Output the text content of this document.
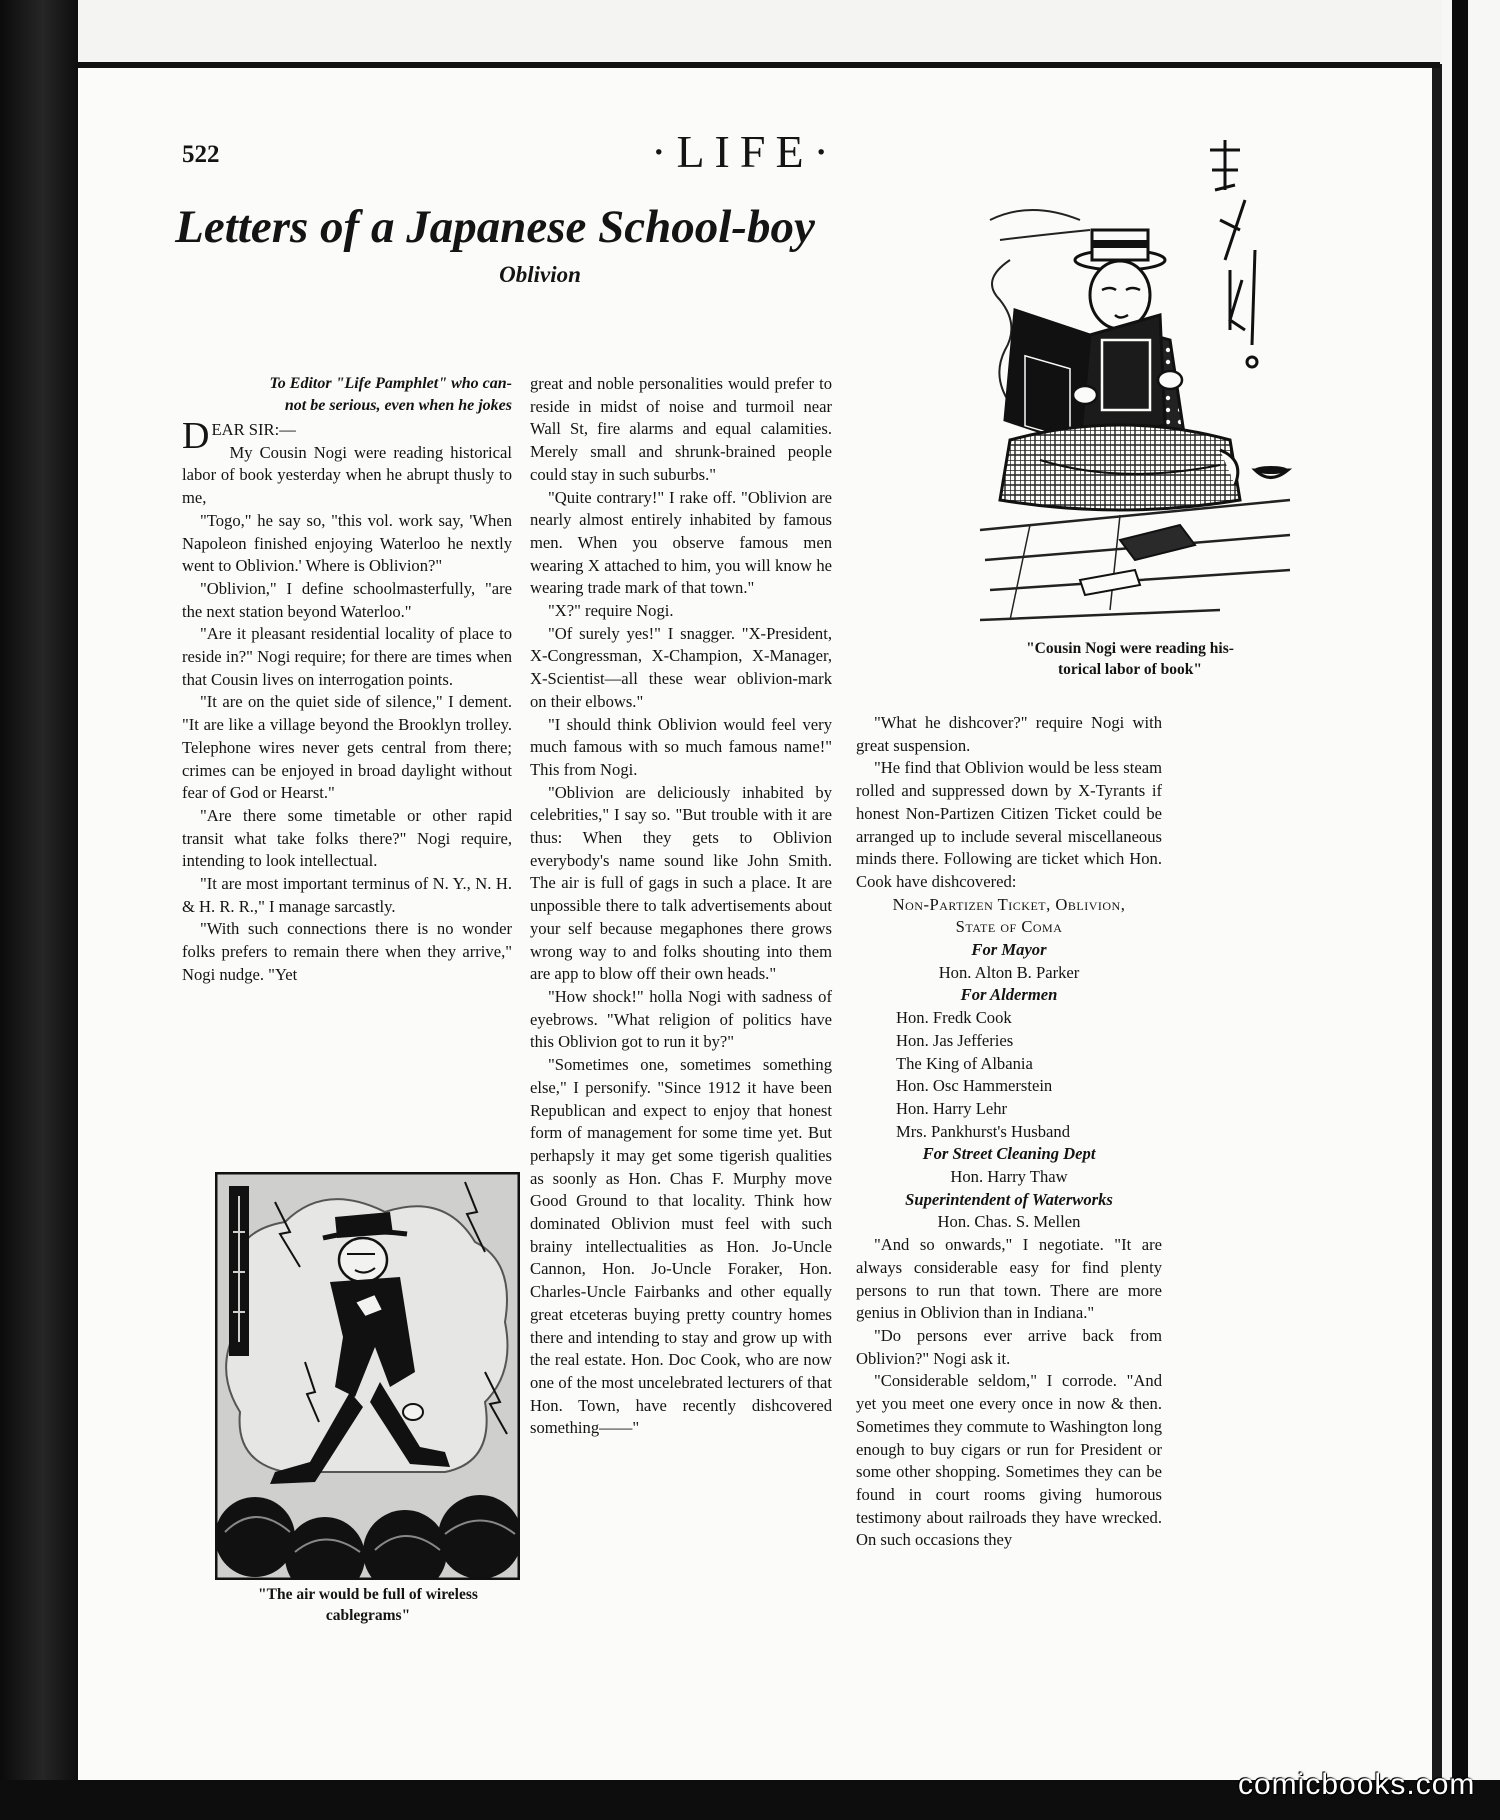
522	·LIFE·
Letters of a Japanese School-boy
Oblivion
To Editor "Life Pamphlet" who can-
not be serious, even when he jokes

DEAR SIR:—

My Cousin Nogi were reading historical labor of book yesterday when he abrupt thusly to me,

"Togo," he say so, "this vol. work say, 'When Napoleon finished enjoying Waterloo he nextly went to Oblivion.' Where is Oblivion?"

"Oblivion," I define schoolmasterfully, "are the next station beyond Waterloo."

"Are it pleasant residential locality of place to reside in?" Nogi require; for there are times when that Cousin lives on interrogation points.

"It are on the quiet side of silence," I dement. "It are like a village beyond the Brooklyn trolley. Telephone wires never gets central from there; crimes can be enjoyed in broad daylight without fear of God or Hearst."

"Are there some timetable or other rapid transit what take folks there?" Nogi require, intending to look intellectual.

"It are most important terminus of N. Y., N. H. & H. R. R.," I manage sarcastly.

"With such connections there is no wonder folks prefers to remain there when they arrive," Nogi nudge. "Yet

great and noble personalities would prefer to reside in midst of noise and turmoil near Wall St, fire alarms and equal calamities. Merely small and shrunk-brained people could stay in such suburbs."

"Quite contrary!" I rake off. "Oblivion are nearly almost entirely inhabited by famous men. When you observe famous men wearing X attached to him, you will know he wearing trade mark of that town."

"X?" require Nogi.

"Of surely yes!" I snagger. "X-President, X-Congressman, X-Champion, X-Manager, X-Scientist—all these wear oblivion-mark on their elbows."

"I should think Oblivion would feel very much famous with so much famous name!" This from Nogi.

"Oblivion are deliciously inhabited by celebrities," I say so. "But trouble with it are thus: When they gets to Oblivion everybody's name sound like John Smith. The air is full of gags in such a place. It are unpossible there to talk advertisements about your self because megaphones there grows wrong way to and folks shouting into them are app to blow off their own heads."

"How shock!" holla Nogi with sadness of eyebrows. "What religion of politics have this Oblivion got to run it by?"

"Sometimes one, sometimes something else," I personify. "Since 1912 it have been Republican and expect to enjoy that honest form of management for some time yet. But perhapsly it may get some tigerish qualities as soonly as Hon. Chas F. Murphy move Good Ground to that locality. Think how dominated Oblivion must feel with such brainy intellectualities as Hon. Jo-Uncle Cannon, Hon. Jo-Uncle Foraker, Hon. Charles-Uncle Fairbanks and other equally great etceteras buying pretty country homes there and intending to stay and grow up with the real estate. Hon. Doc Cook, who are now one of the most uncelebrated lecturers of that Hon. Town, have recently dishcovered something——"

"What he dishcover?" require Nogi with great suspension.

"He find that Oblivion would be less steam rolled and suppressed down by X-Tyrants if honest Non-Partizen Citizen Ticket could be arranged up to include several miscellaneous minds there. Following are ticket which Hon. Cook have dishcovered:

Non-Partizen Ticket, Oblivion,

State of Coma

For Mayor

Hon. Alton B. Parker

For Aldermen

Hon. Fredk Cook

Hon. Jas Jefferies

The King of Albania

Hon. Osc Hammerstein

Hon. Harry Lehr

Mrs. Pankhurst's Husband

For Street Cleaning Dept

Hon. Harry Thaw

Superintendent of Waterworks

Hon. Chas. S. Mellen

"And so onwards," I negotiate. "It are always considerable easy for find plenty persons to run that town. There are more genius in Oblivion than in Indiana."

"Do persons ever arrive back from Oblivion?" Nogi ask it.

"Considerable seldom," I corrode. "And yet you meet one every once in now & then. Sometimes they commute to Washington long enough to buy cigars or run for President or some other shopping. Sometimes they can be found in court rooms giving humorous testimony about railroads they have wrecked. On such occasions they

"Cousin Nogi were reading his-
torical labor of book"
"The air would be full of wireless
cablegrams"
comicbooks.com
